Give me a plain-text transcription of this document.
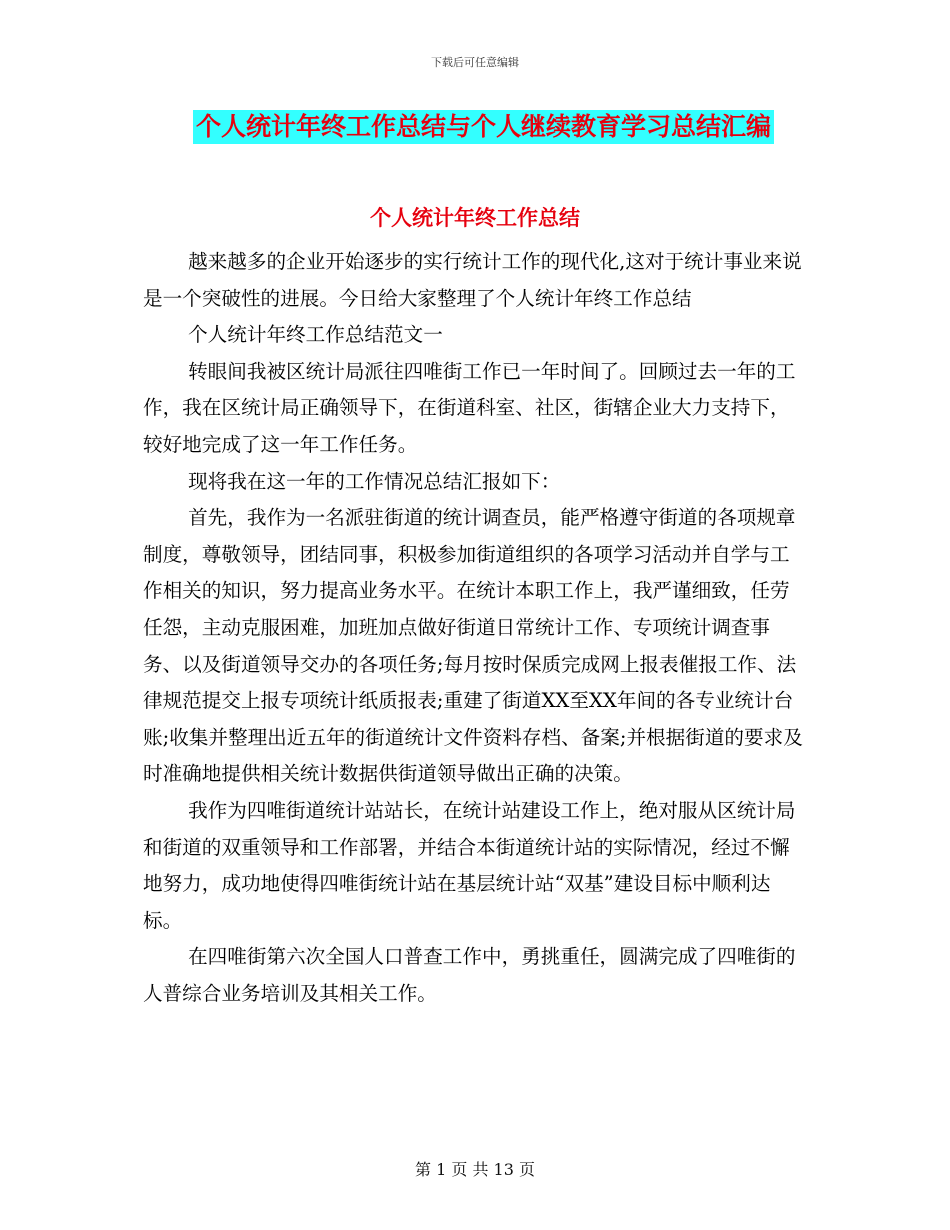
下载后可任意编辑
个人统计年终工作总结与个人继续教育学习总结汇编
个人统计年终工作总结

越来越多的企业开始逐步的实行统计工作的现代化,这对于统计事业来说是一个突破性的进展。今日给大家整理了个人统计年终工作总结

个人统计年终工作总结范文一

转眼间我被区统计局派往四唯街工作已一年时间了。回顾过去一年的工作，我在区统计局正确领导下，在街道科室、社区，街辖企业大力支持下，较好地完成了这一年工作任务。

现将我在这一年的工作情况总结汇报如下：

首先，我作为一名派驻街道的统计调查员，能严格遵守街道的各项规章制度，尊敬领导，团结同事，积极参加街道组织的各项学习活动并自学与工作相关的知识，努力提高业务水平。在统计本职工作上，我严谨细致，任劳任怨，主动克服困难，加班加点做好街道日常统计工作、专项统计调查事务、以及街道领导交办的各项任务;每月按时保质完成网上报表催报工作、法律规范提交上报专项统计纸质报表;重建了街道XX至XX年间的各专业统计台账;收集并整理出近五年的街道统计文件资料存档、备案;并根据街道的要求及时准确地提供相关统计数据供街道领导做出正确的决策。

我作为四唯街道统计站站长，在统计站建设工作上，绝对服从区统计局和街道的双重领导和工作部署，并结合本街道统计站的实际情况，经过不懈地努力，成功地使得四唯街统计站在基层统计站“双基”建设目标中顺利达标。

在四唯街第六次全国人口普查工作中，勇挑重任，圆满完成了四唯街的人普综合业务培训及其相关工作。

第 1 页 共 13 页
